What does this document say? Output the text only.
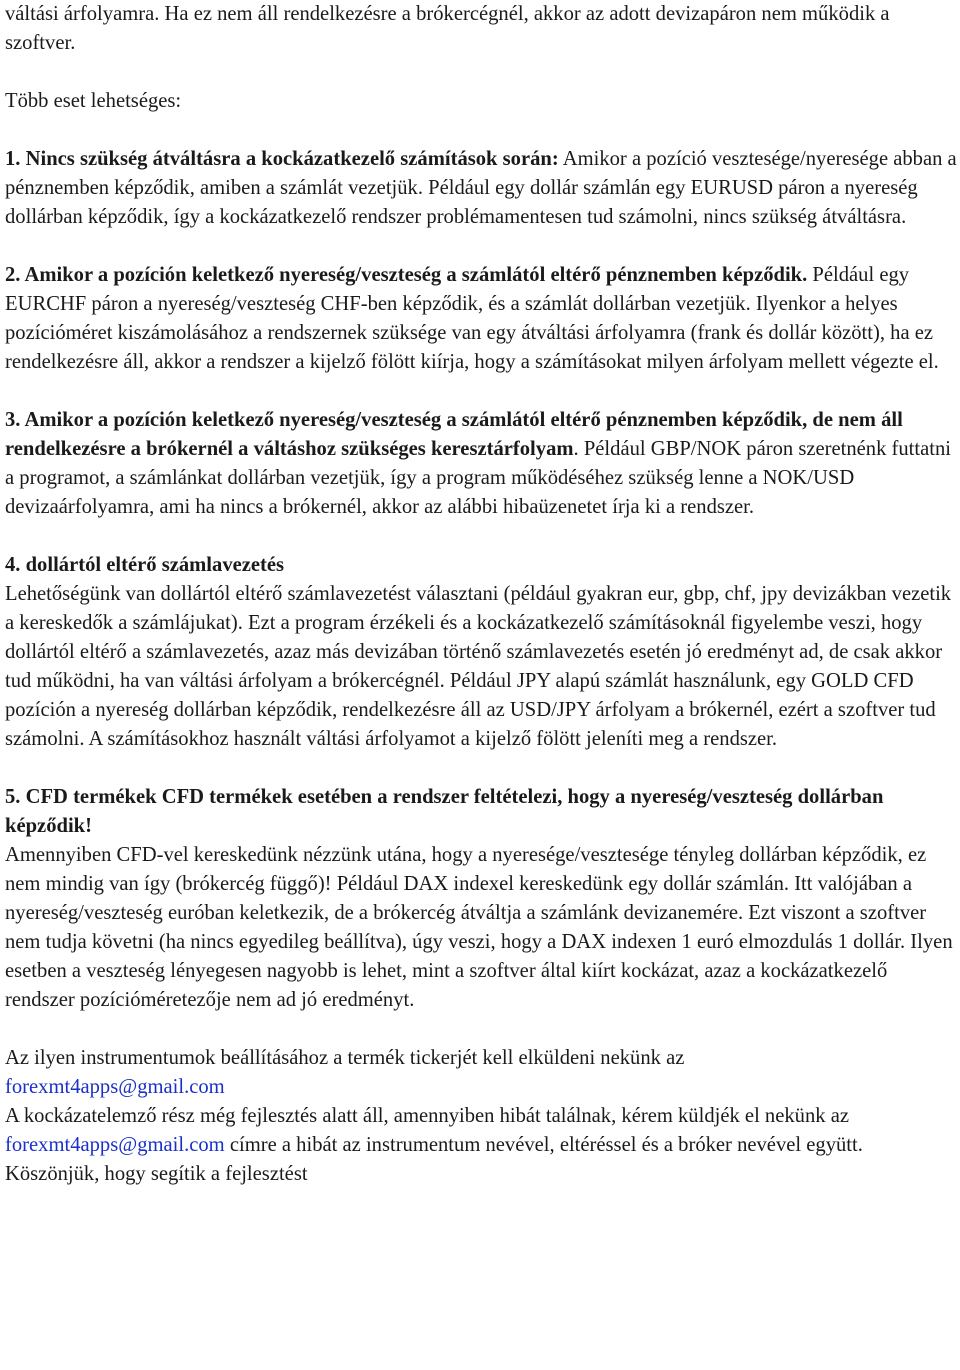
váltási árfolyamra. Ha ez nem áll rendelkezésre a brókercégnél, akkor az adott devizapáron nem működik a szoftver.

Több eset lehetséges:

1. Nincs szükség átváltásra a kockázatkezelő számítások során: Amikor a pozíció vesztesége/nyeresége abban a pénznemben képződik, amiben a számlát vezetjük. Például egy dollár számlán egy EURUSD páron a nyereség dollárban képződik, így a kockázatkezelő rendszer problémamentesen tud számolni, nincs szükség átváltásra.

2. Amikor a pozíción keletkező nyereség/veszteség a számlától eltérő pénznemben képződik. Például egy EURCHF páron a nyereség/veszteség CHF-ben képződik, és a számlát dollárban vezetjük. Ilyenkor a helyes pozícióméret kiszámolásához a rendszernek szüksége van egy átváltási árfolyamra (frank és dollár között), ha ez rendelkezésre áll, akkor a rendszer a kijelző fölött kiírja, hogy a számításokat milyen árfolyam mellett végezte el.

3. Amikor a pozíción keletkező nyereség/veszteség a számlától eltérő pénznemben képződik, de nem áll rendelkezésre a brókernél a váltáshoz szükséges keresztárfolyam. Például GBP/NOK páron szeretnénk futtatni a programot, a számlánkat dollárban vezetjük, így a program működéséhez szükség lenne a NOK/USD devizaárfolyamra, ami ha nincs a brókernél, akkor az alábbi hibaüzenetet írja ki a rendszer.

4. dollártól eltérő számlavezetés

Lehetőségünk van dollártól eltérő számlavezetést választani (például gyakran eur, gbp, chf, jpy devizákban vezetik a kereskedők a számlájukat). Ezt a program érzékeli és a kockázatkezelő számításoknál figyelembe veszi, hogy dollártól eltérő a számlavezetés, azaz más devizában történő számlavezetés esetén jó eredményt ad, de csak akkor tud működni, ha van váltási árfolyam a brókercégnél. Például JPY alapú számlát használunk, egy GOLD CFD pozíción a nyereség dollárban képződik, rendelkezésre áll az USD/JPY árfolyam a brókernél, ezért a szoftver tud számolni. A számításokhoz használt váltási árfolyamot a kijelző fölött jeleníti meg a rendszer.

5. CFD termékek CFD termékek esetében a rendszer feltételezi, hogy a nyereség/veszteség dollárban képződik!

Amennyiben CFD-vel kereskedünk nézzünk utána, hogy a nyeresége/vesztesége tényleg dollárban képződik, ez nem mindig van így (brókercég függő)! Például DAX indexel kereskedünk egy dollár számlán. Itt valójában a nyereség/veszteség euróban keletkezik, de a brókercég átváltja a számlánk devizanemére. Ezt viszont a szoftver nem tudja követni (ha nincs egyedileg beállítva), úgy veszi, hogy a DAX indexen 1 euró elmozdulás 1 dollár. Ilyen esetben a veszteség lényegesen nagyobb is lehet, mint a szoftver által kiírt kockázat, azaz a kockázatkezelő rendszer pozícióméretezője nem ad jó eredményt.

Az ilyen instrumentumok beállításához a termék tickerjét kell elküldeni nekünk az

forexmt4apps@gmail.com

A kockázatelemző rész még fejlesztés alatt áll, amennyiben hibát találnak, kérem küldjék el nekünk az forexmt4apps@gmail.com címre a hibát az instrumentum nevével, eltéréssel és a bróker nevével együtt. Köszönjük, hogy segítik a fejlesztést
